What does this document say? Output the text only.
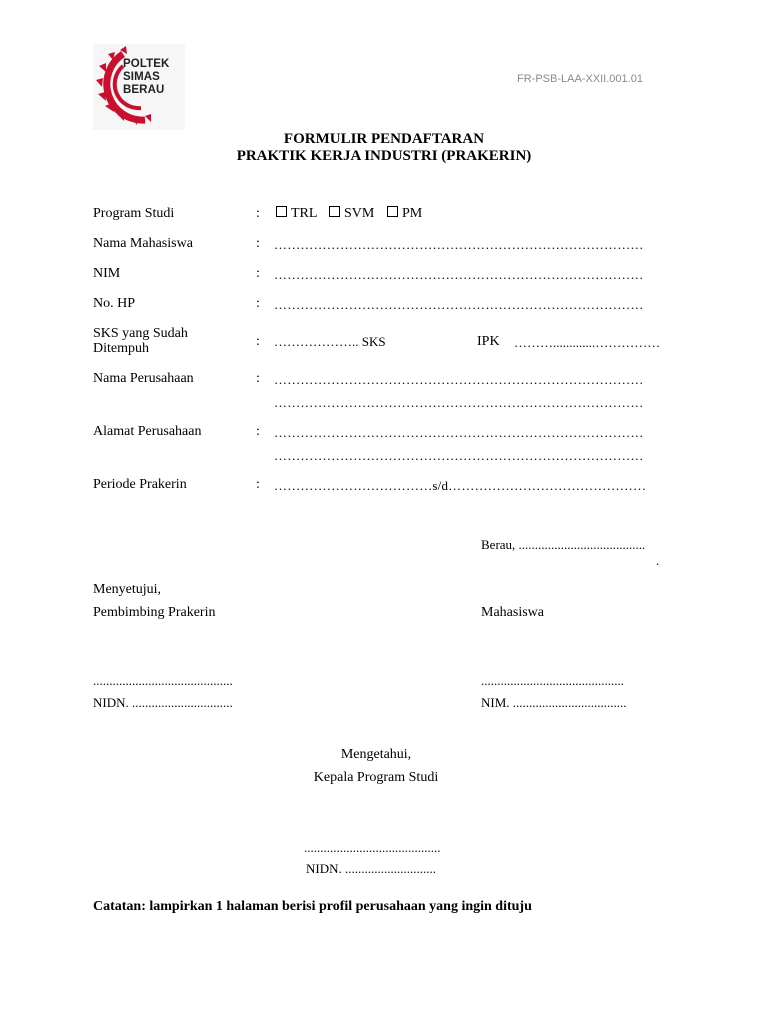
POLTEK
SIMAS
BERAU
FR-PSB-LAA-XXII.001.01
FORMULIR PENDAFTARAN
PRAKTIK KERJA INDUSTRI (PRAKERIN)
Program Studi	:	TRL	SVM	PM
Nama Mahasiswa	: …………………………………………………………………………
NIM	: …………………………………………………………………………
No. HP	: …………………………………………………………………………
SKS yang Sudah
Ditempuh	: ……………….. SKS	IPK ……….............……………
Nama Perusahaan	: …………………………………………………………………………
…………………………………………………………………………
Alamat Perusahaan	: …………………………………………………………………………
…………………………………………………………………………
Periode Prakerin	: ………………………………s/d………………………………………
Berau, .......................................
.
Menyetujui,
Pembimbing Prakerin	Mahasiswa
...........................................
NIDN. ...............................
............................................
NIM. ...................................
Mengetahui,
Kepala Program Studi
..........................................
NIDN. ............................
Catatan: lampirkan 1 halaman berisi profil perusahaan yang ingin dituju
